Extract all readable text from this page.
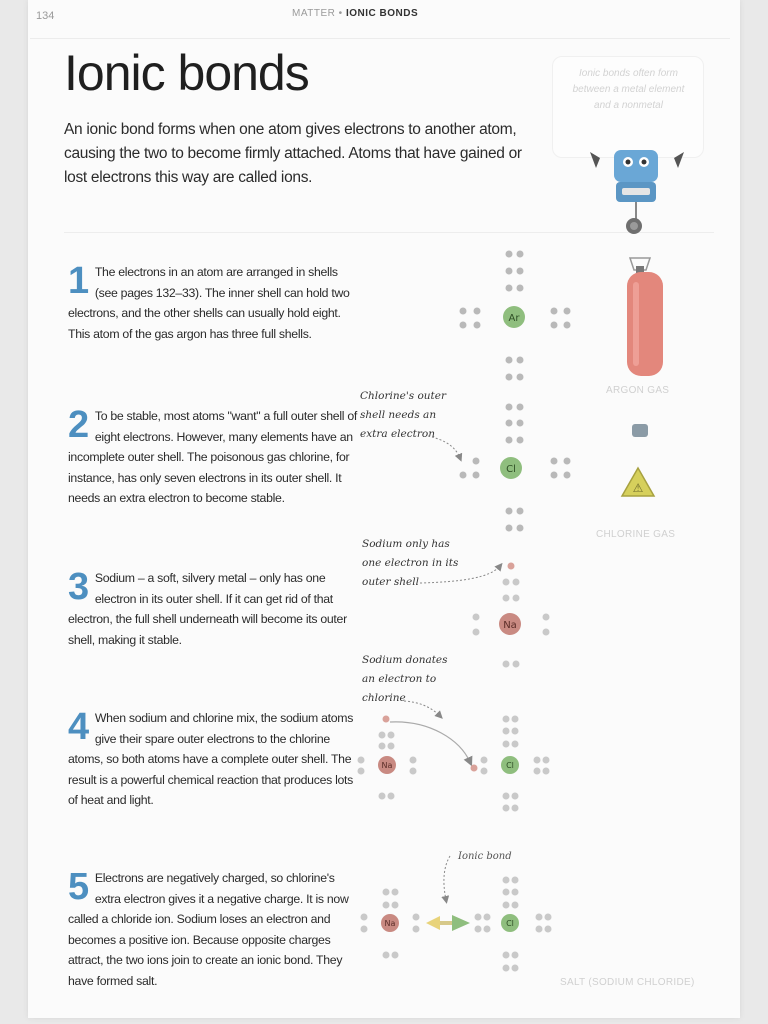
134	MATTER • IONIC BONDS
Ionic bonds
An ionic bond forms when one atom gives electrons to another atom, causing the two to become firmly attached. Atoms that have gained or lost electrons this way are called ions.
Ionic bonds often form between a metal element and a nonmetal
1 The electrons in an atom are arranged in shells (see pages 132–33). The inner shell can hold two electrons, and the other shells can usually hold eight. This atom of the gas argon has three full shells.
2 To be stable, most atoms "want" a full outer shell of eight electrons. However, many elements have an incomplete outer shell. The poisonous gas chlorine, for instance, has only seven electrons in its outer shell. It needs an extra electron to become stable.
3 Sodium – a soft, silvery metal – only has one electron in its outer shell. If it can get rid of that electron, the full shell underneath will become its outer shell, making it stable.
4 When sodium and chlorine mix, the sodium atoms give their spare outer electrons to the chlorine atoms, so both atoms have a complete outer shell. The result is a powerful chemical reaction that produces lots of heat and light.
5 Electrons are negatively charged, so chlorine's extra electron gives it a negative charge. It is now called a chloride ion. Sodium loses an electron and becomes a positive ion. Because opposite charges attract, the two ions join to create an ionic bond. They have formed salt.
Chlorine's outer
shell needs an
extra electron
Sodium only has
one electron in its
outer shell
Sodium donates
an electron to
chlorine
Ionic bond
ARGON GAS
CHLORINE GAS
SALT (SODIUM CHLORIDE)
⚠
Ar
Cl
Na
Na	Cl
Na	Cl
